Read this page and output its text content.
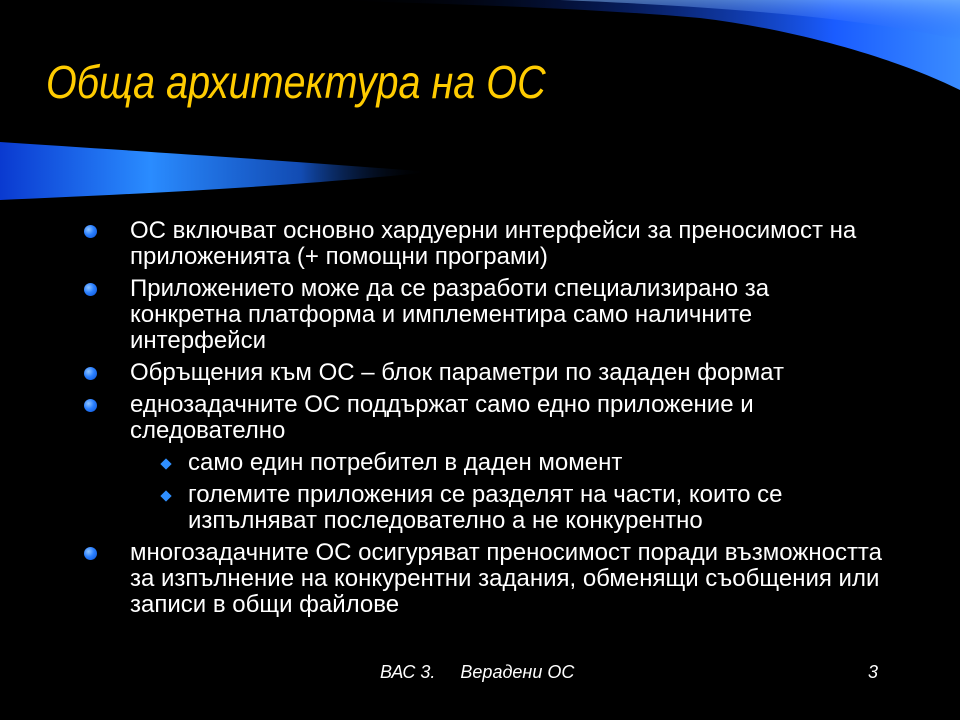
Обща архитектура на ОС
ОС включват основно хардуерни интерфейси за преносимост на приложенията (+ помощни програми)
Приложението може да се разработи специализирано за конкретна платформа и имплементира само наличните интерфейси
Обръщения към ОС – блок параметри по зададен формат
еднозадачните ОС поддържат само едно приложение и следователно
само един потребител в даден момент
големите приложения се разделят на части, които се изпълняват последователно а не конкурентно
многозадачните ОС осигуряват преносимост поради възможността за изпълнение на конкурентни задания, обменящи съобщения или записи в общи файлове
ВАС 3.     Верадени ОС	3
